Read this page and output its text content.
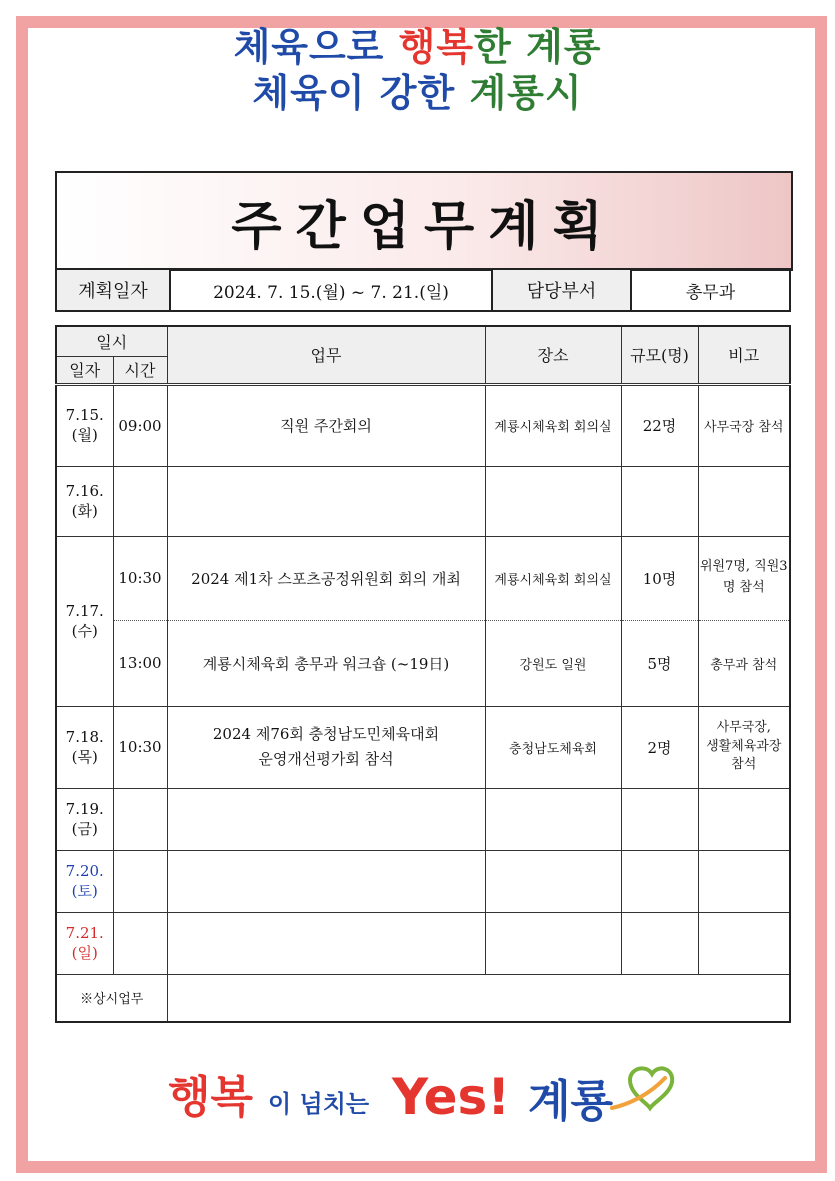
체육으로 행복한 계룡
체육이 강한 계룡시
주간업무계획
계획일자	2024. 7. 15.(월) ~ 7. 21.(일)	담당부서	총무과
일시		업무	장소	규모(명)	비고
일자	시간				
7.15.
(월)	09:00	직원 주간회의	계룡시체육회 회의실	22명	사무국장 참석
7.16.
(화)					
7.17.
(수)	10:30	2024 제1차 스포츠공정위원회 회의 개최	계룡시체육회 회의실	10명	위원7명, 직원3명 참석
	13:00	계룡시체육회 총무과 워크숍 (~19日)	강원도 일원	5명	총무과 참석
7.18.
(목)	10:30	2024 제76회 충청남도민체육대회
운영개선평가회 참석	충청남도체육회	2명	사무국장,
생활체육과장
참석
7.19.
(금)					
7.20.
(토)					
7.21.
(일)					
※상시업무					
행복 이 넘치는 Yes! 계룡
